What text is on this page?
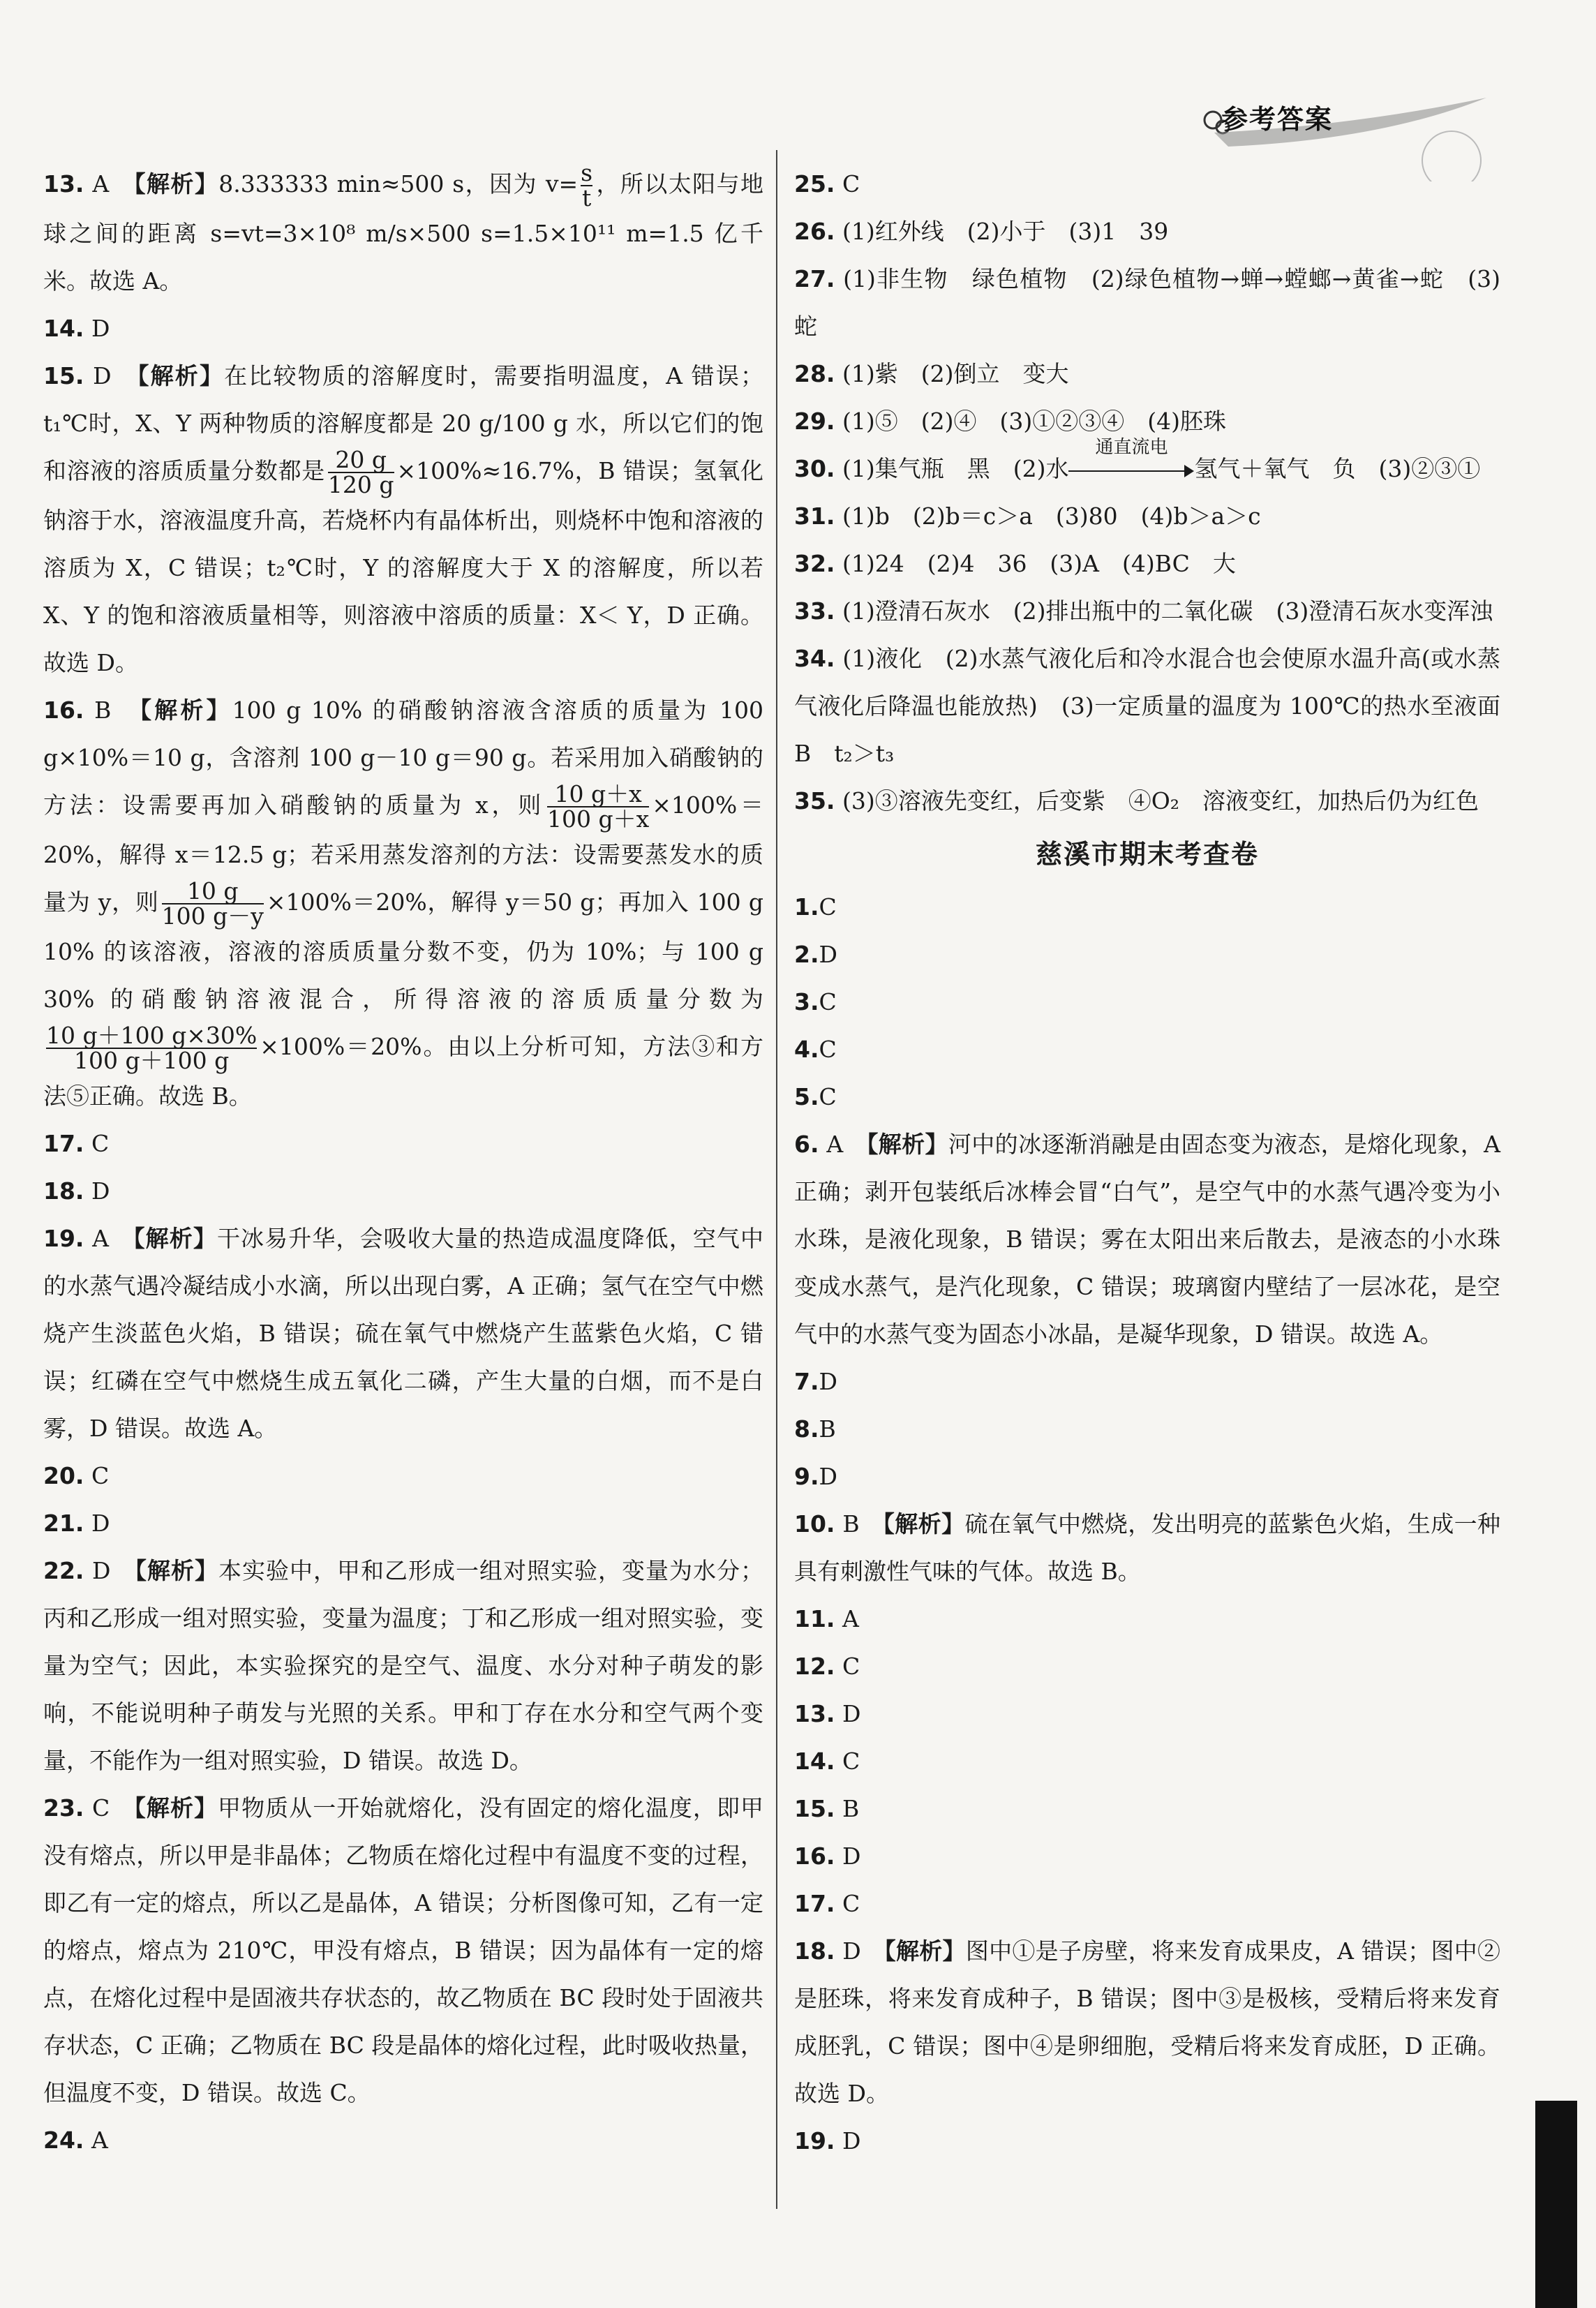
参考答案

13. A　 【解析】8.333333 min≈500 s，因为 $v= \frac{s}{t}$ ，所以太阳与地球之间的距离 s=vt=3×10⁸ m/s×500 s=1.5×10¹¹ m=1.5 亿千米。故选 A。

14. D

15. D　 【解析】在比较物质的溶解度时，需要指明温度，A 错误；t₁℃时，X、Y 两种物质的溶解度都是 20 g/100 g 水，所以它们的饱和溶液的溶质质量分数都是 $\frac{20 g}{120 g} \times 100\%\approx 16.7\%$，B 错误；氢氧化钠溶于水，溶液温度升高，若烧杯内有晶体析出，则烧杯中饱和溶液的溶质为 X，C 错误；t₂℃时，Y 的溶解度大于 X 的溶解度，所以若 X、Y 的饱和溶液质量相等，则溶液中溶质的质量：X＜ Y，D 正确。故选 D。

16. B　 【解析】100 g 10% 的硝酸钠溶液含溶质的质量为 100 g×10%＝10 g，含溶剂 100 g－10 g＝90 g。若采用加入硝酸钠的方法：设需要再加入硝酸钠的质量为 x，则 $\frac{10 g+x}{100 g+x} \times 100\%=20\%$，解得 x＝12.5 g；若采用蒸发溶剂的方法：设需要蒸发水的质量为 y，则 $\frac{10 g}{100 g-y} \times 100\%=20\%$，解得 y＝50 g；再加入 100 g 10% 的该溶液，溶液的溶质质量分数不变，仍为 10%；与 100 g 30% 的硝酸钠溶液混合，所得溶液的溶质质量分数为
$\frac{10 g+100 g\times 30\%}{100 g+100 g} \times 100\%=20\%$。由以上分析可知，方法③和方法⑤正确。故选 B。

17. C

18. D

19. A　 【解析】干冰易升华，会吸收大量的热造成温度降低，空气中的水蒸气遇冷凝结成小水滴，所以出现白雾，A 正确；氢气在空气中燃烧产生淡蓝色火焰，B 错误；硫在氧气中燃烧产生蓝紫色火焰，C 错误；红磷在空气中燃烧生成五氧化二磷，产生大量的白烟，而不是白雾，D 错误。故选 A。

20. C

21. D

22. D　 【解析】本实验中，甲和乙形成一组对照实验，变量为水分；丙和乙形成一组对照实验，变量为温度；丁和乙形成一组对照实验，变量为空气；因此，本实验探究的是空气、温度、水分对种子萌发的影响，不能说明种子萌发与光照的关系。甲和丁存在水分和空气两个变量，不能作为一组对照实验，D 错误。故选 D。

23. C　 【解析】甲物质从一开始就熔化，没有固定的熔化温度，即甲没有熔点，所以甲是非晶体；乙物质在熔化过程中有温度不变的过程，即乙有一定的熔点，所以乙是晶体，A 错误；分析图像可知，乙有一定的熔点，熔点为 210℃，甲没有熔点，B 错误；因为晶体有一定的熔点，在熔化过程中是固液共存状态的，故乙物质在 BC 段时处于固液共存状态，C 正确；乙物质在 BC 段是晶体的熔化过程，此时吸收热量，但温度不变，D 错误。故选 C。

24. A

25. C

26. (1)红外线　(2)小于　(3)1　39

27. (1)非生物　绿色植物　(2)绿色植物→蝉→螳螂→黄雀→蛇　(3)蛇

28. (1)紫　(2)倒立　变大

29. (1)⑤　(2)④　(3)①②③④　(4)胚珠

30. (1)集气瓶　黑　(2)水
通直流电
氢气＋氧气　负　(3)②③①

31. (1)b　(2)b＝c＞a　(3)80　(4)b＞a＞c

32. (1)24　(2)4　36　(3)A　(4)BC　大

33. (1)澄清石灰水　(2)排出瓶中的二氧化碳　(3)澄清石灰水变浑浊

34. (1)液化　(2)水蒸气液化后和冷水混合也会使原水温升高(或水蒸气液化后降温也能放热)　(3)一定质量的温度为 100℃的热水至液面 B　t₂＞t₃

35. (3)③溶液先变红，后变紫　④O₂　溶液变红，加热后仍为红色

慈溪市期末考查卷

1.C

2.D

3.C

4.C

5.C

6. A　 【解析】河中的冰逐渐消融是由固态变为液态，是熔化现象，A 正确；剥开包装纸后冰棒会冒“白气”，是空气中的水蒸气遇冷变为小水珠，是液化现象，B 错误；雾在太阳出来后散去，是液态的小水珠变成水蒸气，是汽化现象，C 错误；玻璃窗内壁结了一层冰花，是空气中的水蒸气变为固态小冰晶，是凝华现象，D 错误。故选 A。

7.D

8.B

9.D

10. B　 【解析】硫在氧气中燃烧，发出明亮的蓝紫色火焰，生成一种具有刺激性气味的气体。故选 B。

11. A

12. C

13. D

14. C

15. B

16. D

17. C

18. D　 【解析】图中①是子房壁，将来发育成果皮，A 错误；图中②是胚珠，将来发育成种子，B 错误；图中③是极核，受精后将来发育成胚乳，C 错误；图中④是卵细胞，受精后将来发育成胚，D 正确。故选 D。

19. D
